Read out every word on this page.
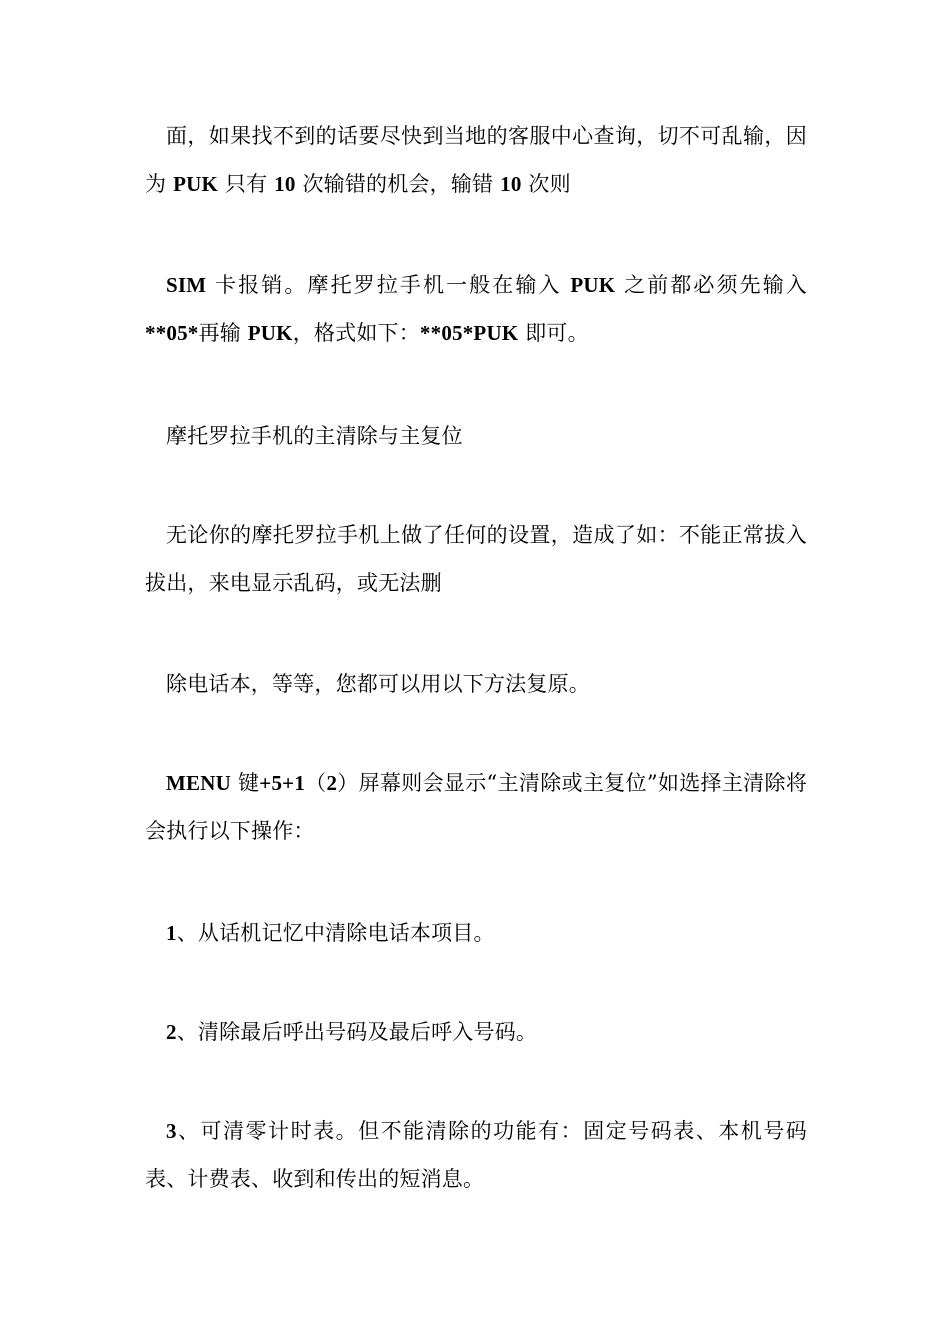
面，如果找不到的话要尽快到当地的客服中心查询，切不可乱输，因为 PUK 只有 10 次输错的机会，输错 10 次则

SIM 卡报销。摩托罗拉手机一般在输入 PUK 之前都必须先输入 **05*再输 PUK，格式如下：**05*PUK 即可。

摩托罗拉手机的主清除与主复位

无论你的摩托罗拉手机上做了任何的设置，造成了如：不能正常拔入拔出，来电显示乱码，或无法删

除电话本，等等，您都可以用以下方法复原。

MENU 键+5+1（2）屏幕则会显示“主清除或主复位”如选择主清除将会执行以下操作：

1、从话机记忆中清除电话本项目。

2、清除最后呼出号码及最后呼入号码。

3、可清零计时表。但不能清除的功能有：固定号码表、本机号码表、计费表、收到和传出的短消息。
